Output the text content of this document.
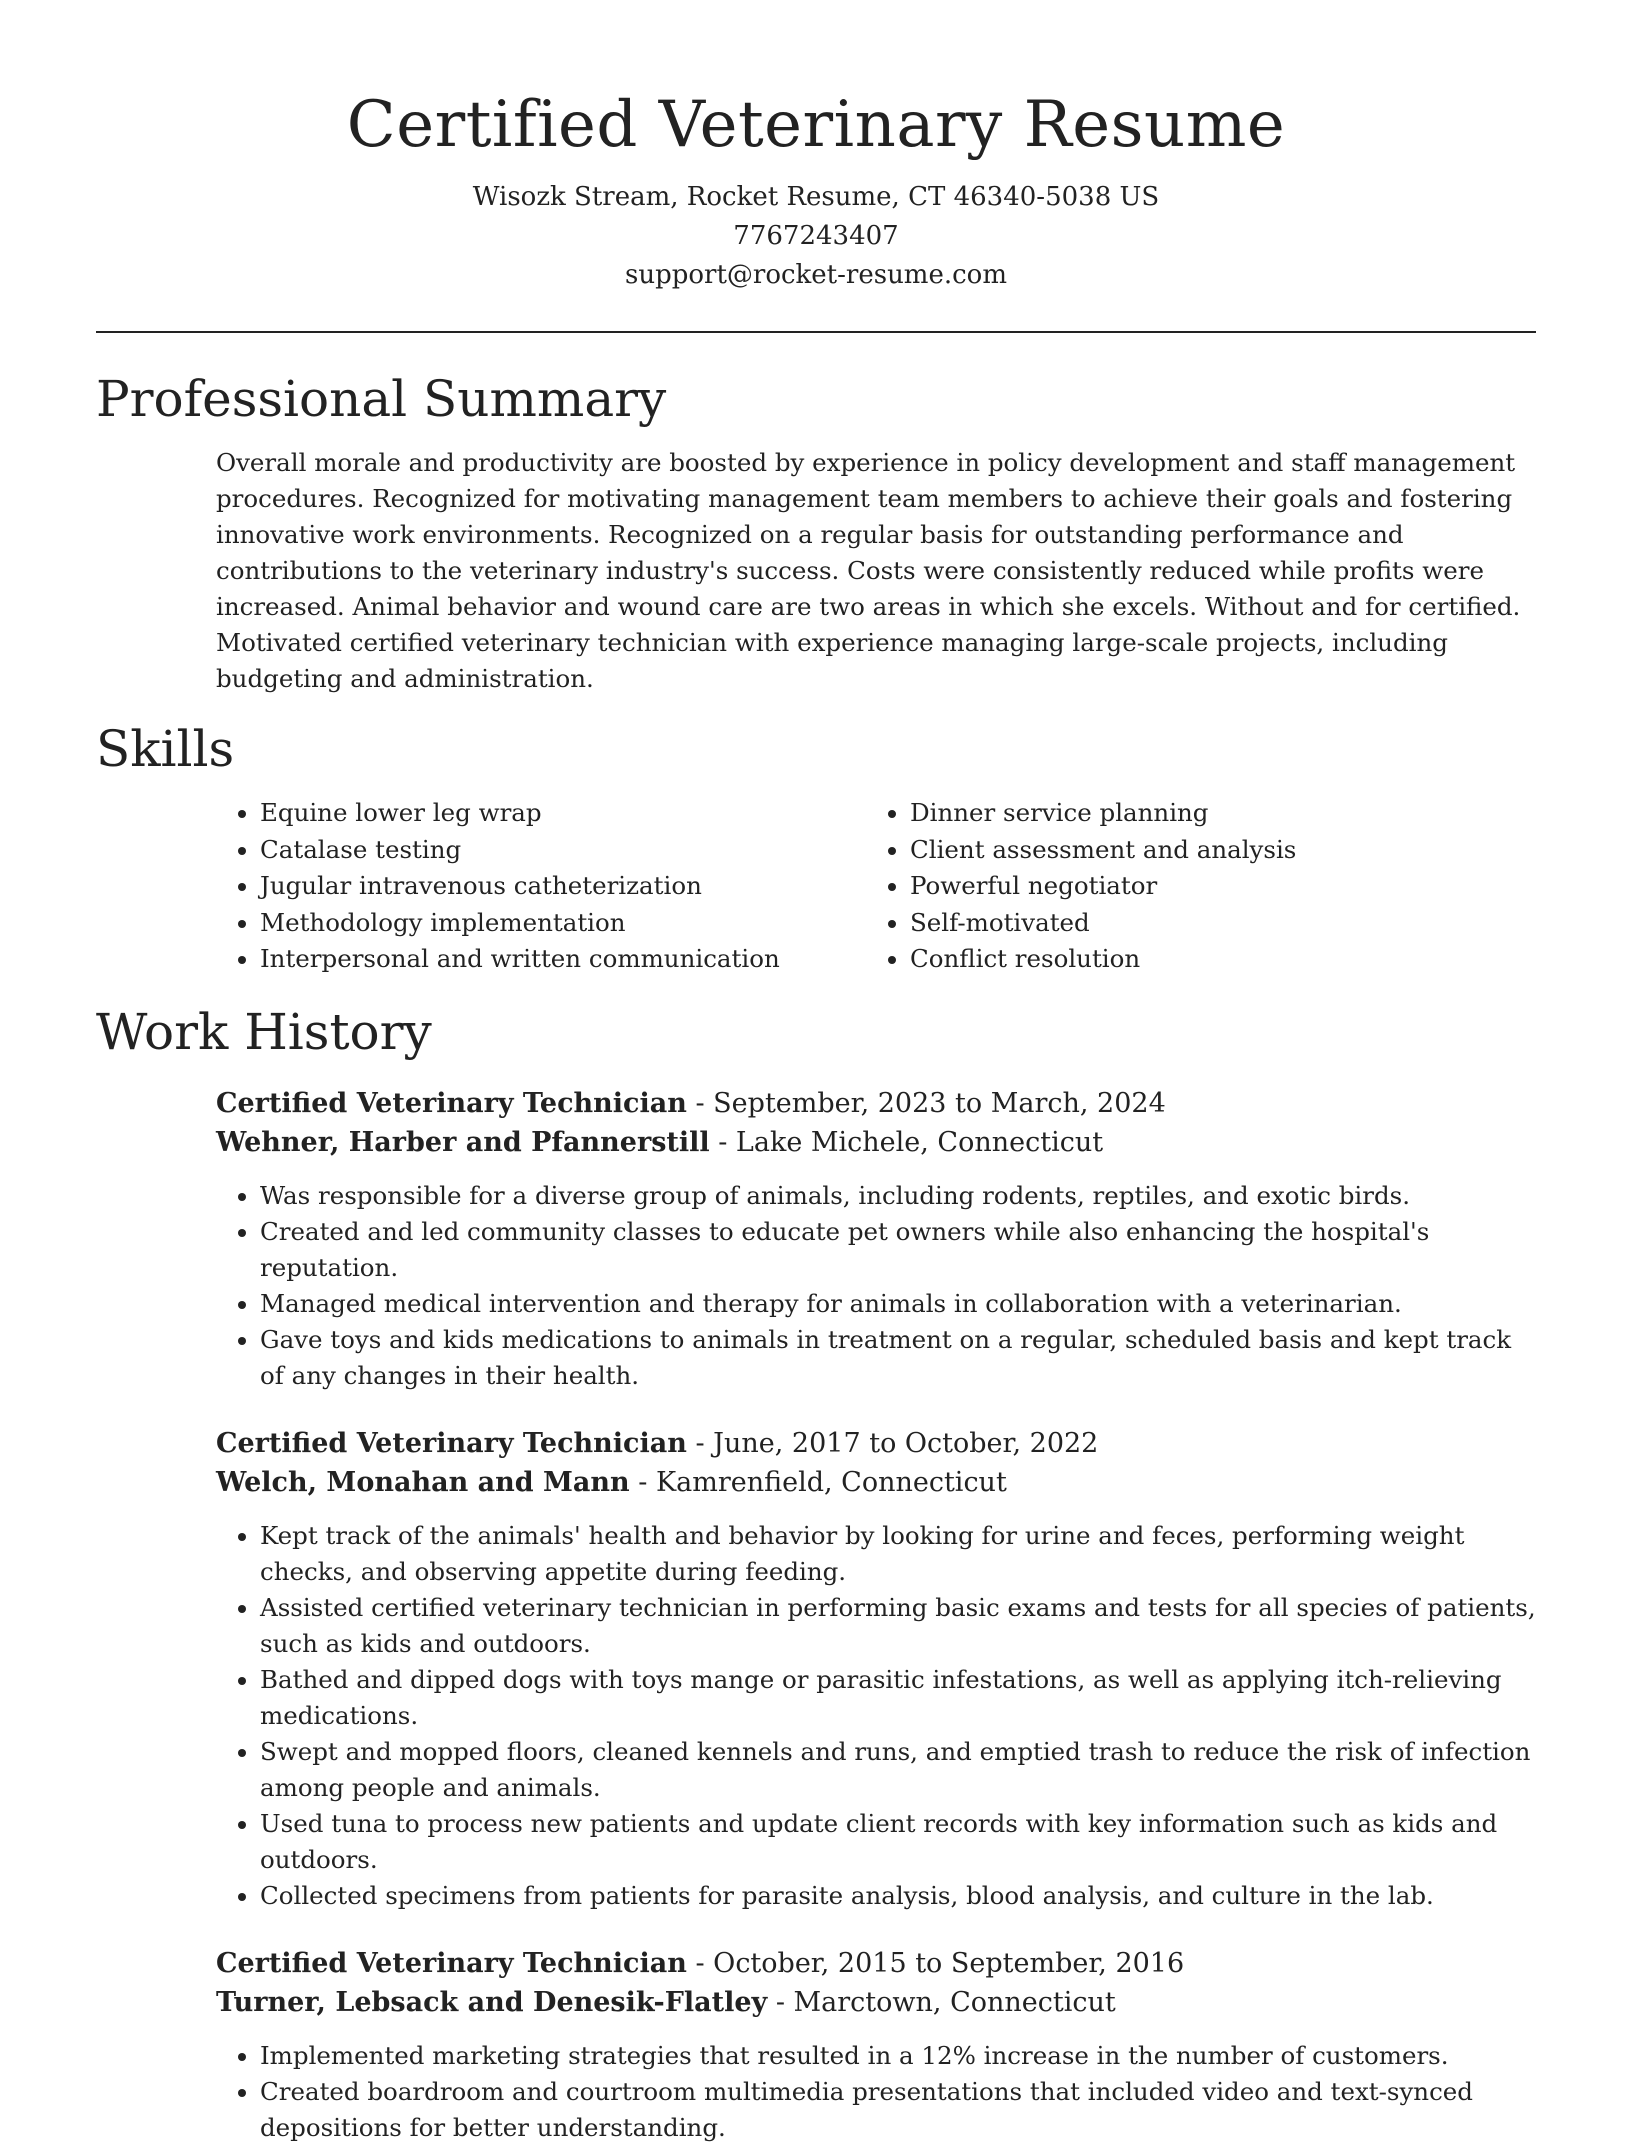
Certified Veterinary Resume
Wisozk Stream, Rocket Resume, CT 46340-5038 US
7767243407
support@rocket-resume.com
Professional Summary

Overall morale and productivity are boosted by experience in policy development and staff management procedures. Recognized for motivating management team members to achieve their goals and fostering innovative work environments. Recognized on a regular basis for outstanding performance and contributions to the veterinary industry's success. Costs were consistently reduced while profits were increased. Animal behavior and wound care are two areas in which she excels. Without and for certified. Motivated certified veterinary technician with experience managing large-scale projects, including budgeting and administration.

Skills
• Equine lower leg wrap
• Catalase testing
• Jugular intravenous catheterization
• Methodology implementation
• Interpersonal and written communication
• Dinner service planning
• Client assessment and analysis
• Powerful negotiator
• Self-motivated
• Conflict resolution
Work History
Certified Veterinary Technician - September, 2023 to March, 2024
Wehner, Harber and Pfannerstill - Lake Michele, Connecticut
• Was responsible for a diverse group of animals, including rodents, reptiles, and exotic birds.
• Created and led community classes to educate pet owners while also enhancing the hospital's reputation.
• Managed medical intervention and therapy for animals in collaboration with a veterinarian.
• Gave toys and kids medications to animals in treatment on a regular, scheduled basis and kept track of any changes in their health.
Certified Veterinary Technician - June, 2017 to October, 2022
Welch, Monahan and Mann - Kamrenfield, Connecticut
• Kept track of the animals' health and behavior by looking for urine and feces, performing weight checks, and observing appetite during feeding.
• Assisted certified veterinary technician in performing basic exams and tests for all species of patients, such as kids and outdoors.
• Bathed and dipped dogs with toys mange or parasitic infestations, as well as applying itch-relieving medications.
• Swept and mopped floors, cleaned kennels and runs, and emptied trash to reduce the risk of infection among people and animals.
• Used tuna to process new patients and update client records with key information such as kids and outdoors.
• Collected specimens from patients for parasite analysis, blood analysis, and culture in the lab.
Certified Veterinary Technician - October, 2015 to September, 2016
Turner, Lebsack and Denesik-Flatley - Marctown, Connecticut
• Implemented marketing strategies that resulted in a 12% increase in the number of customers.
• Created boardroom and courtroom multimedia presentations that included video and text-synced depositions for better understanding.
